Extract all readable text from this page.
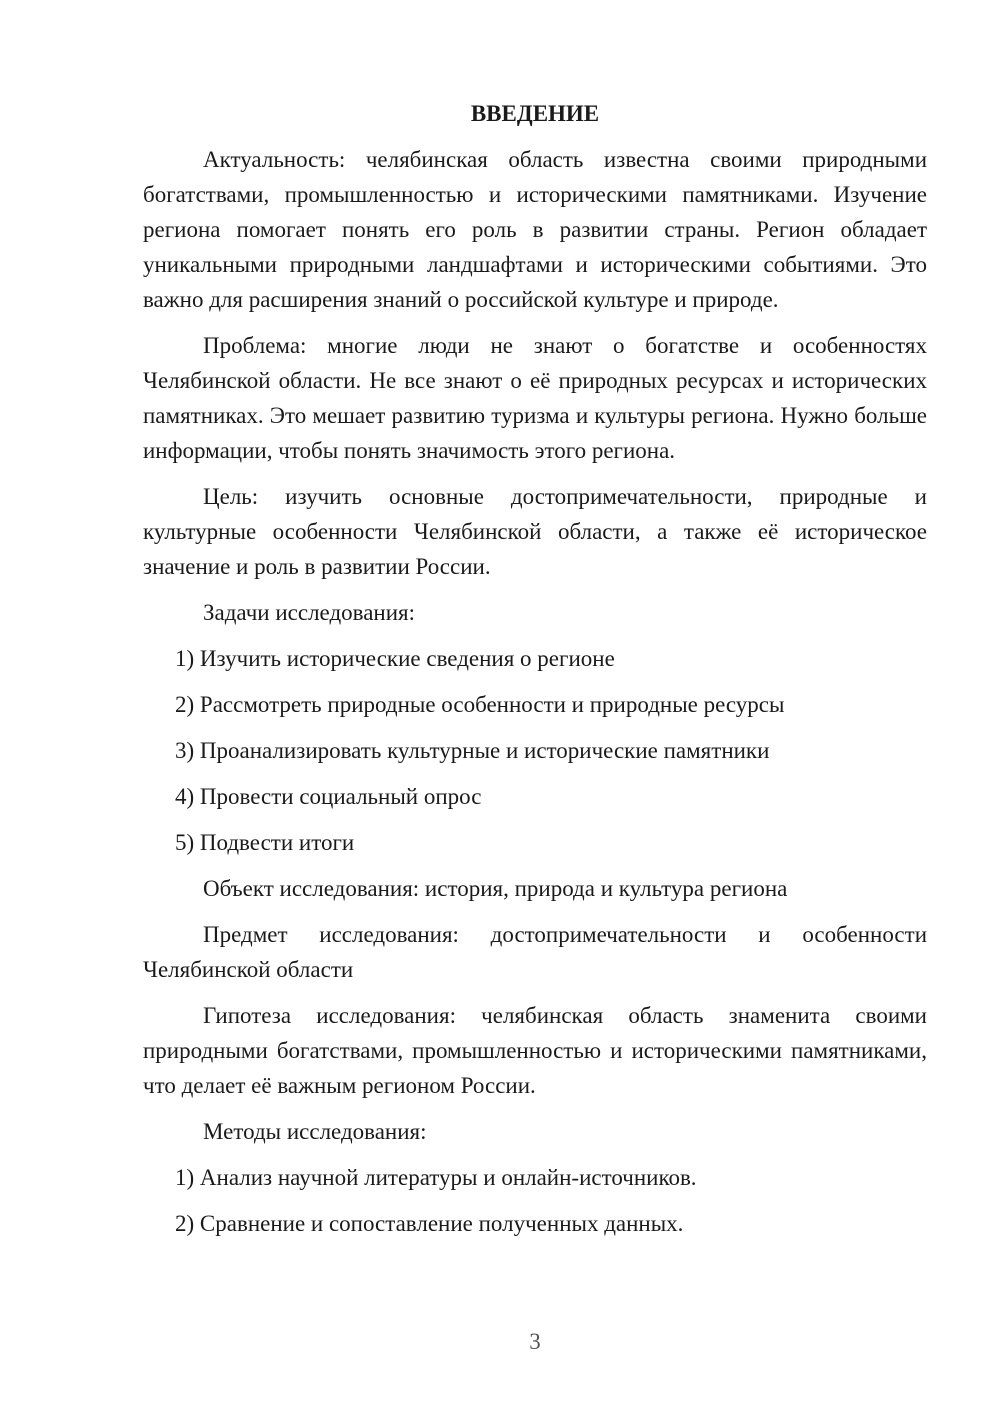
ВВЕДЕНИЕ
Актуальность: челябинская область известна своими природными богатствами, промышленностью и историческими памятниками. Изучение региона помогает понять его роль в развитии страны. Регион обладает уникальными природными ландшафтами и историческими событиями. Это важно для расширения знаний о российской культуре и природе.
Проблема: многие люди не знают о богатстве и особенностях Челябинской области. Не все знают о её природных ресурсах и исторических памятниках. Это мешает развитию туризма и культуры региона. Нужно больше информации, чтобы понять значимость этого региона.
Цель: изучить основные достопримечательности, природные и культурные особенности Челябинской области, а также её историческое значение и роль в развитии России.
Задачи исследования:
1) Изучить исторические сведения о регионе
2) Рассмотреть природные особенности и природные ресурсы
3) Проанализировать культурные и исторические памятники
4) Провести социальный опрос
5) Подвести итоги
Объект исследования: история, природа и культура региона
Предмет исследования: достопримечательности и особенности Челябинской области
Гипотеза исследования: челябинская область знаменита своими природными богатствами, промышленностью и историческими памятниками, что делает её важным регионом России.
Методы исследования:
1) Анализ научной литературы и онлайн-источников.
2) Сравнение и сопоставление полученных данных.
3
